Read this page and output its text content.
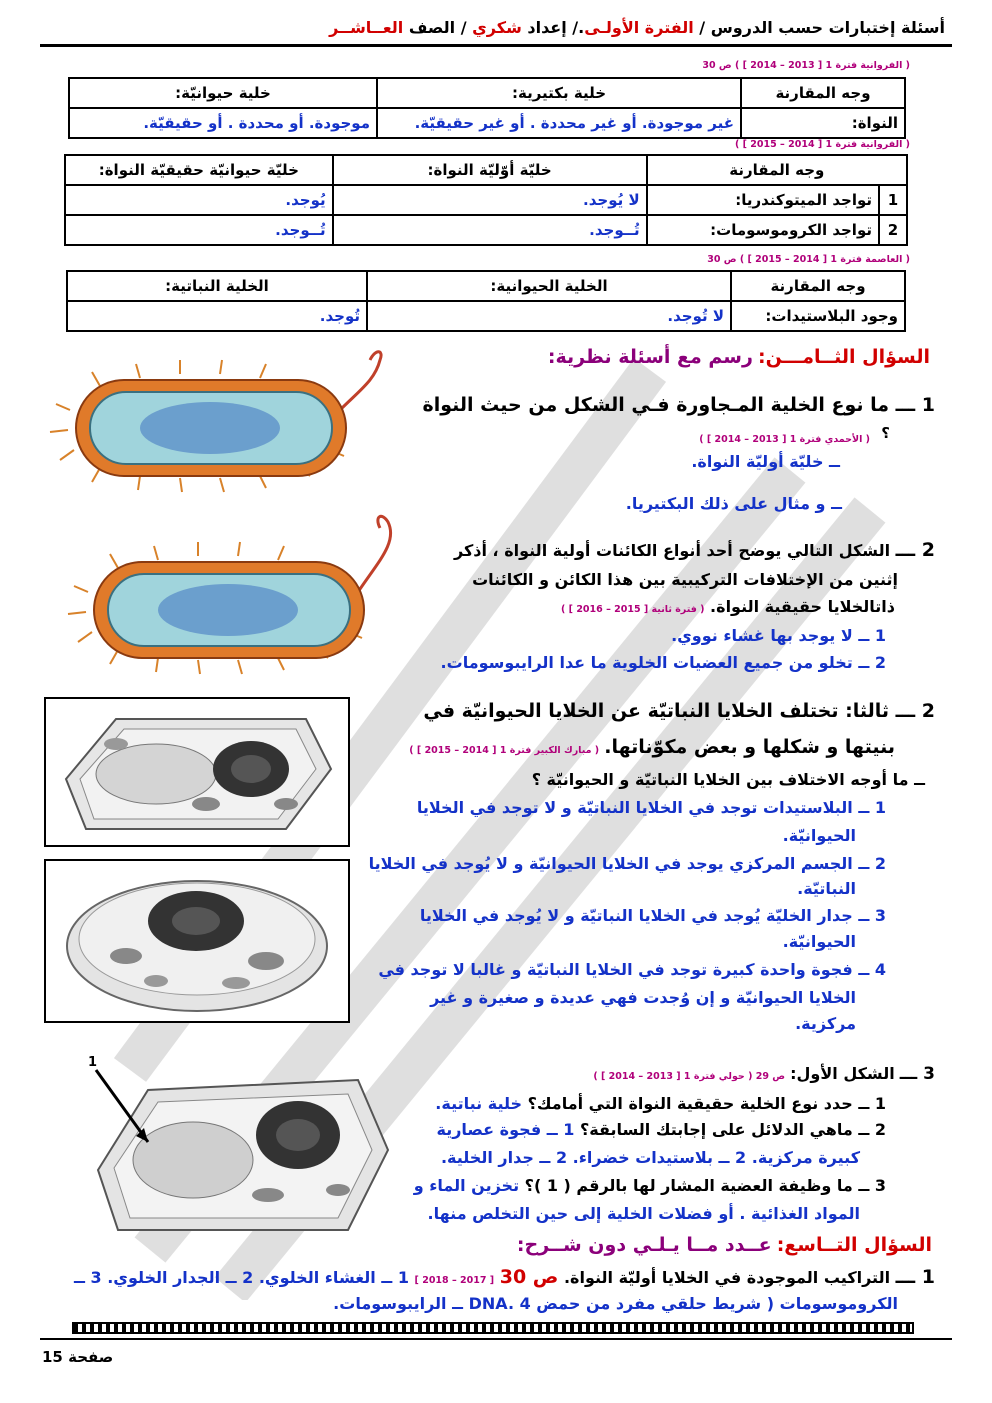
أسئلة إختبارات حسب الدروس / الفترة الأولـى./ إعداد شكري / الصف العــاشــر
( الفروانية فترة 1 [ 2013 – 2014 ] ) ص 30
وجه المقارنة	خلية بكتيرية:	خلية حيوانيّة:
النواة:	غير موجودة. أو غير محددة . أو غير حقيقيّة.	موجودة. أو محددة . أو حقيقيّة.
( الفروانية فترة 1 [ 2014 – 2015 ] )
وجه المقارنة		خليّة أوّليّة النواة:	خليّة حيوانيّة حقيقيّة النواة:
1	تواجد الميتوكندريا:	لا يُوجد.	يُوجد.
2	تواجد الكروموسومات:	تُــوجد.	تُــوجد.
( العاصمة فترة 1 [ 2014 – 2015 ] ) ص 30
وجه المقارنة	الخلية الحيوانية:	الخلية النباتية:
وجود البلاستيدات:	لا تُوجد.	تُوجد.
السؤال الثــامـــن: رسم مع أسئلة نظرية:
1 ـــ ما نوع الخلية المـجاورة فـي الشكل من حيث النواة
؟
( الأحمدي فترة 1 [ 2013 – 2014 ] )
ــ خليّة أوليّة النواة.
ــ و مثال على ذلك البكتيريا.
2 ـــ الشكل التالي يوضح أحد أنواع الكائنات أولية النواة ، أذكر
إثنين من الإختلافات التركيبية بين هذا الكائن و الكائنات
ذاتالخلايا حقيقية النواة. ( فترة ثانية [ 2015 – 2016 ] )
1 ــ لا يوجد بها غشاء نووي.
2 ــ تخلو من جميع العضيات الخلوية ما عدا الرايبوسومات.
2 ـــ ثالثا: تختلف الخلايا النباتيّة عن الخلايا الحيوانيّة في
بنيتها و شكلها و بعض مكوّناتها. ( مبارك الكبير فترة 1 [ 2014 – 2015 ] )
ــ ما أوجه الاختلاف بين الخلايا النباتيّة و الحيوانيّة ؟
1 ــ البلاستيدات توجد في الخلايا النباتيّة و لا توجد في الخلايا
الحيوانيّة.
2 ــ الجسم المركزي يوجد في الخلايا الحيوانيّة و لا يُوجد في الخلايا
النباتيّة.
3 ــ جدار الخليّة يُوجد في الخلايا النباتيّة و لا يُوجد في الخلايا
الحيوانيّة.
4 ــ فجوة واحدة كبيرة توجد في الخلايا النباتيّة و غالبا لا توجد في
الخلايا الحيوانيّة و إن وُجدت فهي عديدة و صغيرة و غير
مركزية.
1
3 ـــ الشكل الأول: ص 29 ( حولي فترة 1 [ 2013 – 2014 ] )
1 ــ حدد نوع الخلية حقيقية النواة التي أمامك؟ خلية نباتية.
2 ــ ماهي الدلائل على إجابتك السابقة؟ 1 ــ فجوة عصارية
كبيرة مركزية. 2 ــ بلاستيدات خضراء. 2 ــ جدار الخلية.
3 ــ ما وظيفة العضية المشار لها بالرقم ( 1 )؟ تخزين الماء و
المواد الغذائية . أو فضلات الخلية إلى حين التخلص منها.
السؤال التــاسع: عــدد مــا يـلـي دون شــرح:
1 ـــ التراكيب الموجودة في الخلايا أوليّة النواة. ص 30 [ 2017 – 2018 ] 1 ــ الغشاء الخلوي. 2 ــ الجدار الخلوي. 3 ــ
الكروموسومات ( شريط حلقي مفرد من حمض DNA. 4 ــ الرايبوسومات.
صفحة 15
